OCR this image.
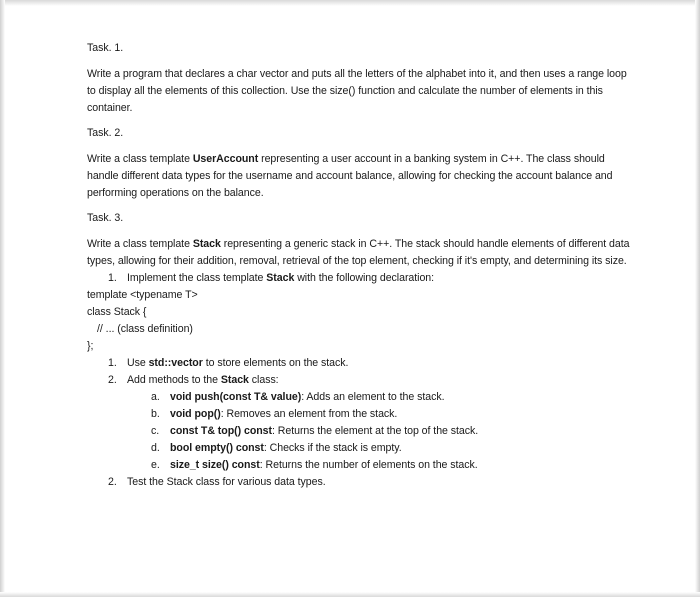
Task. 1.

Write a program that declares a char vector and puts all the letters of the alphabet into it, and then uses a range loop to display all the elements of this collection. Use the size() function and calculate the number of elements in this container.

Task. 2.

Write a class template UserAccount representing a user account in a banking system in C++. The class should handle different data types for the username and account balance, allowing for checking the account balance and performing operations on the balance.

Task. 3.

Write a class template Stack representing a generic stack in C++. The stack should handle elements of different data types, allowing for their addition, removal, retrieval of the top element, checking if it's empty, and determining its size.

1. Implement the class template Stack with the following declaration:
template <typename T>
class Stack {
// ... (class definition)
};
1. Use std::vector to store elements on the stack.
2. Add methods to the Stack class:
a. void push(const T& value): Adds an element to the stack.
b. void pop(): Removes an element from the stack.
c. const T& top() const: Returns the element at the top of the stack.
d. bool empty() const: Checks if the stack is empty.
e. size_t size() const: Returns the number of elements on the stack.
2. Test the Stack class for various data types.
